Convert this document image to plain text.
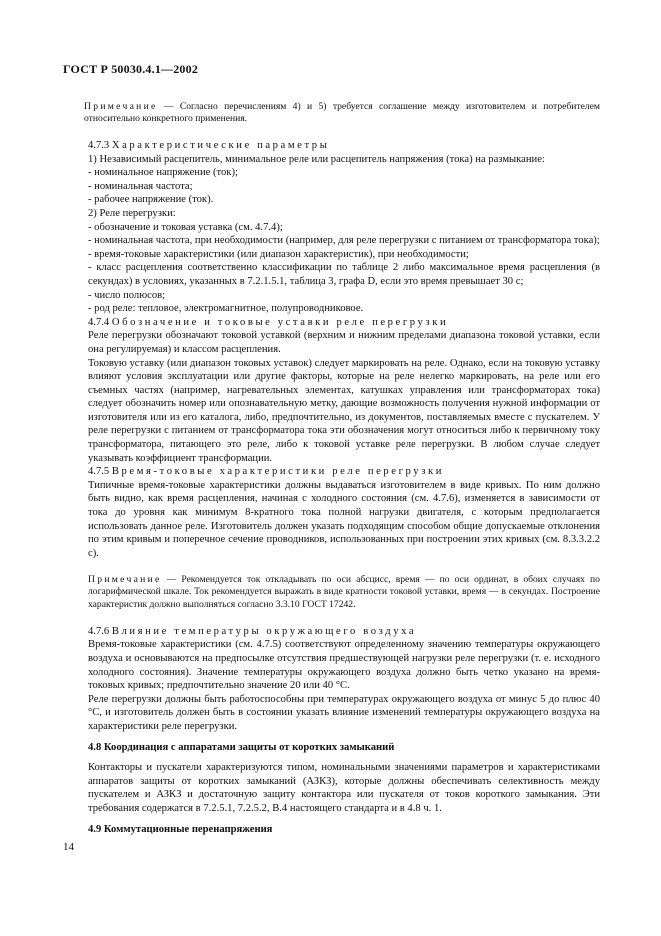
ГОСТ Р 50030.4.1—2002

Примечание — Согласно перечислениям 4) и 5) требуется соглашение между изготовителем и потребителем относительно конкретного применения.

4.7.3 Характеристические параметры

1) Независимый расцепитель, минимальное реле или расцепитель напряжения (тока) на размыкание:

- номинальное напряжение (ток);

- номинальная частота;

- рабочее напряжение (ток).

2) Реле перегрузки:

- обозначение и токовая уставка (см. 4.7.4);

- номинальная частота, при необходимости (например, для реле перегрузки с питанием от трансформатора тока);

- время-токовые характеристики (или диапазон характеристик), при необходимости;

- класс расцепления соответственно классификации по таблице 2 либо максимальное время расцепления (в секундах) в условиях, указанных в 7.2.1.5.1, таблица 3, графа D, если это время превышает 30 с;

- число полюсов;

- род реле: тепловое, электромагнитное, полупроводниковое.

4.7.4 Обозначение и токовые уставки реле перегрузки

Реле перегрузки обозначают токовой уставкой (верхним и нижним пределами диапазона токовой уставки, если она регулируемая) и классом расцепления.

Токовую уставку (или диапазон токовых уставок) следует маркировать на реле. Однако, если на токовую уставку влияют условия эксплуатации или другие факторы, которые на реле нелегко маркировать, на реле или его съемных частях (например, нагревательных элементах, катушках управления или трансформаторах тока) следует обозначить номер или опознавательную метку, дающие возможность получения нужной информации от изготовителя или из его каталога, либо, предпочтительно, из документов, поставляемых вместе с пускателем. У реле перегрузки с питанием от трансформатора тока эти обозначения могут относиться либо к первичному току трансформатора, питающего это реле, либо к токовой уставке реле перегрузки. В любом случае следует указывать коэффициент трансформации.

4.7.5 Время-токовые характеристики реле перегрузки

Типичные время-токовые характеристики должны выдаваться изготовителем в виде кривых. По ним должно быть видно, как время расцепления, начиная с холодного состояния (см. 4.7.6), изменяется в зависимости от тока до уровня как минимум 8-кратного тока полной нагрузки двигателя, с которым предполагается использовать данное реле. Изготовитель должен указать подходящим способом общие допускаемые отклонения по этим кривым и поперечное сечение проводников, использованных при построении этих кривых (см. 8.3.3.2.2 с).

Примечание — Рекомендуется ток откладывать по оси абсцисс, время — по оси ординат, в обоих случаях по логарифмической шкале. Ток рекомендуется выражать в виде кратности токовой уставки, время — в секундах. Построение характеристик должно выполняться согласно 3.3.10 ГОСТ 17242.

4.7.6 Влияние температуры окружающего воздуха

Время-токовые характеристики (см. 4.7.5) соответствуют определенному значению температуры окружающего воздуха и основываются на предпосылке отсутствия предшествующей нагрузки реле перегрузки (т. е. исходного холодного состояния). Значение температуры окружающего воздуха должно быть четко указано на время-токовых кривых; предпочтительно значение 20 или 40 °С.

Реле перегрузки должны быть работоспособны при температурах окружающего воздуха от минус 5 до плюс 40 °С, и изготовитель должен быть в состоянии указать влияние изменений температуры окружающего воздуха на характеристики реле перегрузки.

4.8 Координация с аппаратами защиты от коротких замыканий

Контакторы и пускатели характеризуются типом, номинальными значениями параметров и характеристиками аппаратов защиты от коротких замыканий (АЗКЗ), которые должны обеспечивать селективность между пускателем и АЗКЗ и достаточную защиту контактора или пускателя от токов короткого замыкания. Эти требования содержатся в 7.2.5.1, 7.2.5.2, В.4 настоящего стандарта и в 4.8 ч. 1.

4.9 Коммутационные перенапряжения

14
